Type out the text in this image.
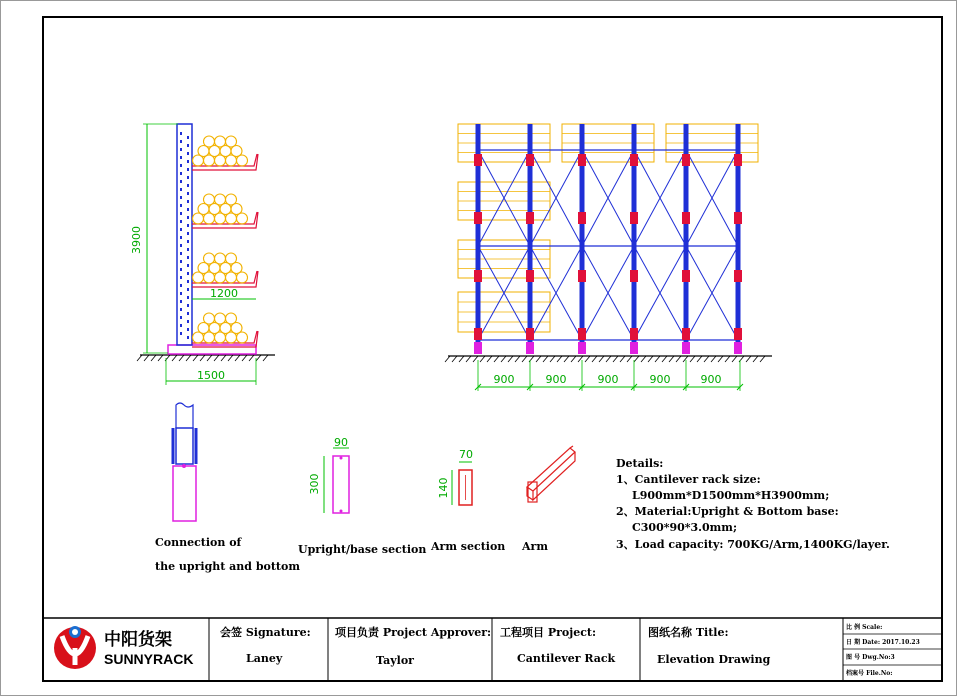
3900
1200
1500	900	900	900	900	900
Connection of
the upright and bottom
90
300
Upright/base section
70
140
Arm section Arm
Details:
1、Cantilever rack size:
L900mm*D1500mm*H3900mm;
2、Material:Upright & Bottom base:
C300*90*3.0mm;
3、Load capacity: 700KG/Arm,1400KG/layer.
中阳货架
SUNNYRACK
会签 Signature:
Laney
项目负责 Project Approver:
Taylor
工程项目 Project:
Cantilever Rack
图纸名称 Title:
Elevation Drawing
比 例 Scale:
日 期 Date: 2017.10.23
图 号 Dwg.No:3
档案号 File.No:
